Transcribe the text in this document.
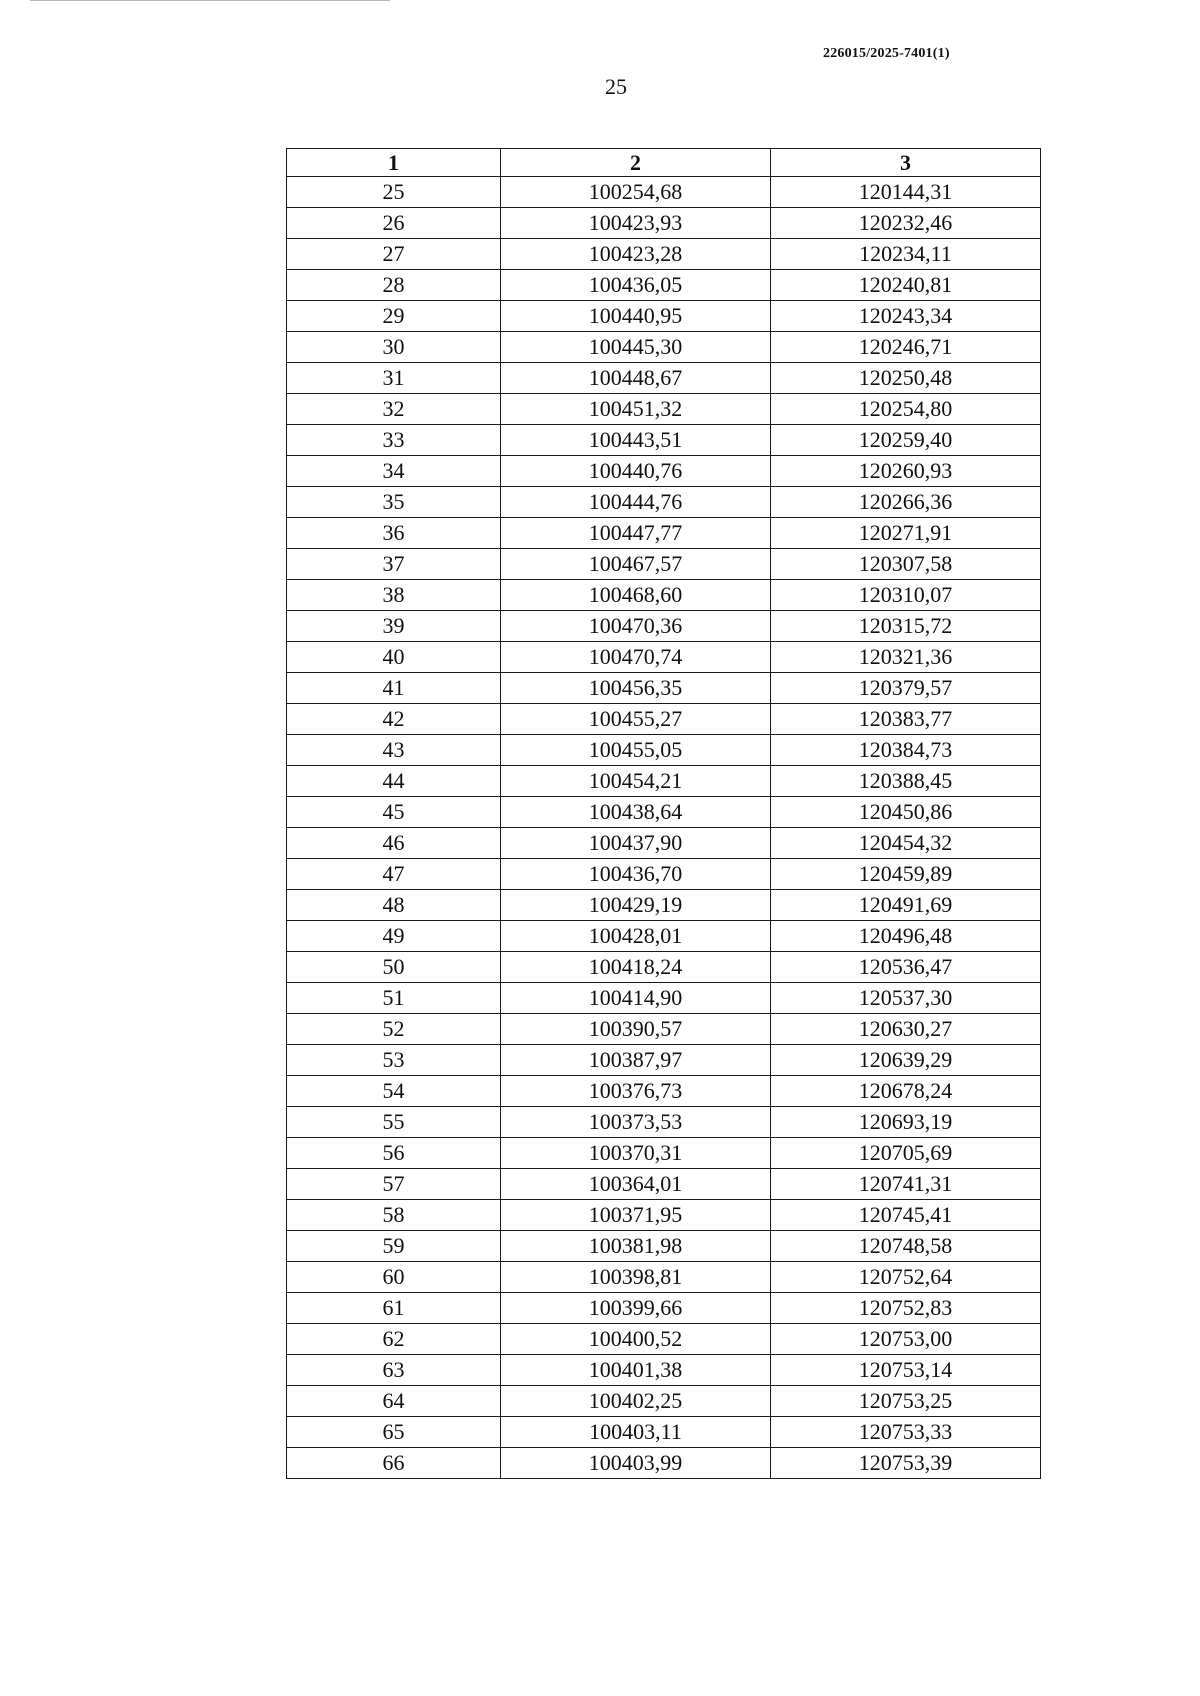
226015/2025-7401(1)
25
1	2	3
25	100254,68	120144,31
26	100423,93	120232,46
27	100423,28	120234,11
28	100436,05	120240,81
29	100440,95	120243,34
30	100445,30	120246,71
31	100448,67	120250,48
32	100451,32	120254,80
33	100443,51	120259,40
34	100440,76	120260,93
35	100444,76	120266,36
36	100447,77	120271,91
37	100467,57	120307,58
38	100468,60	120310,07
39	100470,36	120315,72
40	100470,74	120321,36
41	100456,35	120379,57
42	100455,27	120383,77
43	100455,05	120384,73
44	100454,21	120388,45
45	100438,64	120450,86
46	100437,90	120454,32
47	100436,70	120459,89
48	100429,19	120491,69
49	100428,01	120496,48
50	100418,24	120536,47
51	100414,90	120537,30
52	100390,57	120630,27
53	100387,97	120639,29
54	100376,73	120678,24
55	100373,53	120693,19
56	100370,31	120705,69
57	100364,01	120741,31
58	100371,95	120745,41
59	100381,98	120748,58
60	100398,81	120752,64
61	100399,66	120752,83
62	100400,52	120753,00
63	100401,38	120753,14
64	100402,25	120753,25
65	100403,11	120753,33
66	100403,99	120753,39
